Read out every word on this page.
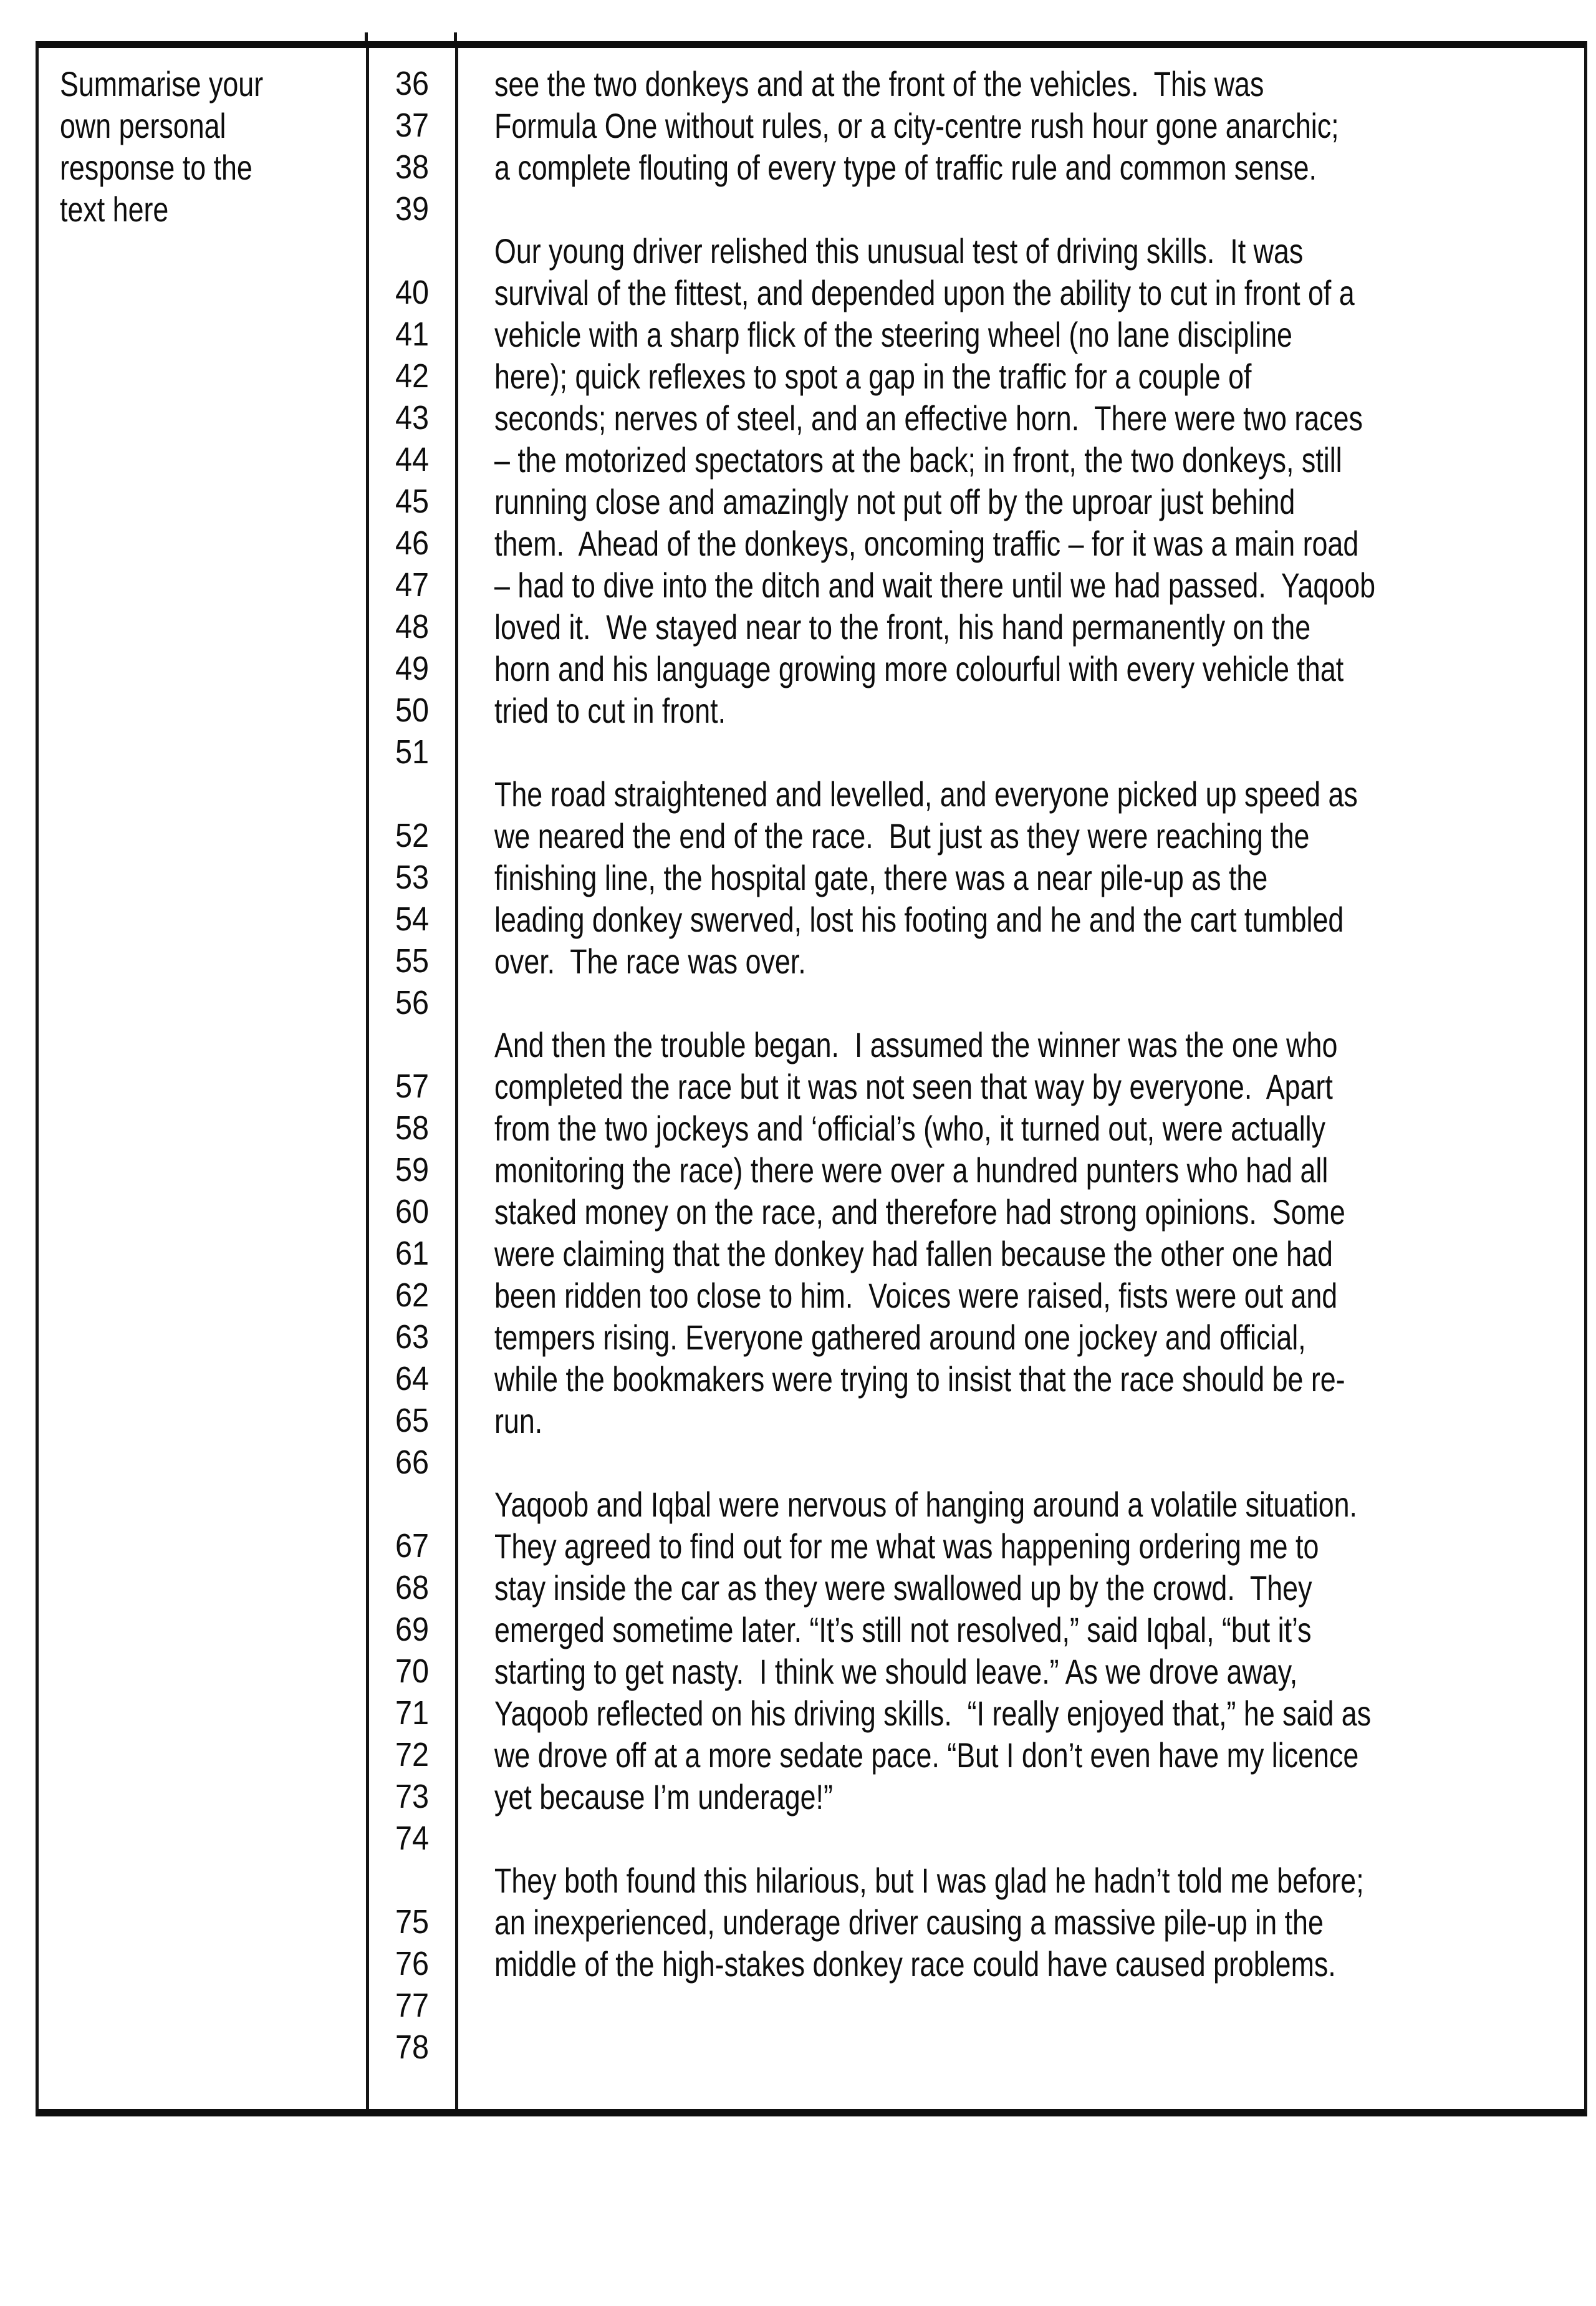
Summarise your
own personal
response to the
text here
36
37
38
39
40
41
42
43
44
45
46
47
48
49
50
51
52
53
54
55
56
57
58
59
60
61
62
63
64
65
66
67
68
69
70
71
72
73
74
75
76
77
78
see the two donkeys and at the front of the vehicles.  This was
Formula One without rules, or a city-centre rush hour gone anarchic;
a complete flouting of every type of traffic rule and common sense.
Our young driver relished this unusual test of driving skills.  It was
survival of the fittest, and depended upon the ability to cut in front of a
vehicle with a sharp flick of the steering wheel (no lane discipline
here); quick reflexes to spot a gap in the traffic for a couple of
seconds; nerves of steel, and an effective horn.  There were two races
– the motorized spectators at the back; in front, the two donkeys, still
running close and amazingly not put off by the uproar just behind
them.  Ahead of the donkeys, oncoming traffic – for it was a main road
– had to dive into the ditch and wait there until we had passed.  Yaqoob
loved it.  We stayed near to the front, his hand permanently on the
horn and his language growing more colourful with every vehicle that
tried to cut in front.
The road straightened and levelled, and everyone picked up speed as
we neared the end of the race.  But just as they were reaching the
finishing line, the hospital gate, there was a near pile-up as the
leading donkey swerved, lost his footing and he and the cart tumbled
over.  The race was over.
And then the trouble began.  I assumed the winner was the one who
completed the race but it was not seen that way by everyone.  Apart
from the two jockeys and ‘official’s (who, it turned out, were actually
monitoring the race) there were over a hundred punters who had all
staked money on the race, and therefore had strong opinions.  Some
were claiming that the donkey had fallen because the other one had
been ridden too close to him.  Voices were raised, fists were out and
tempers rising. Everyone gathered around one jockey and official,
while the bookmakers were trying to insist that the race should be re-
run.
Yaqoob and Iqbal were nervous of hanging around a volatile situation.
They agreed to find out for me what was happening ordering me to
stay inside the car as they were swallowed up by the crowd.  They
emerged sometime later. “It’s still not resolved,” said Iqbal, “but it’s
starting to get nasty.  I think we should leave.” As we drove away,
Yaqoob reflected on his driving skills.  “I really enjoyed that,” he said as
we drove off at a more sedate pace. “But I don’t even have my licence
yet because I’m underage!”
They both found this hilarious, but I was glad he hadn’t told me before;
an inexperienced, underage driver causing a massive pile-up in the
middle of the high-stakes donkey race could have caused problems.
